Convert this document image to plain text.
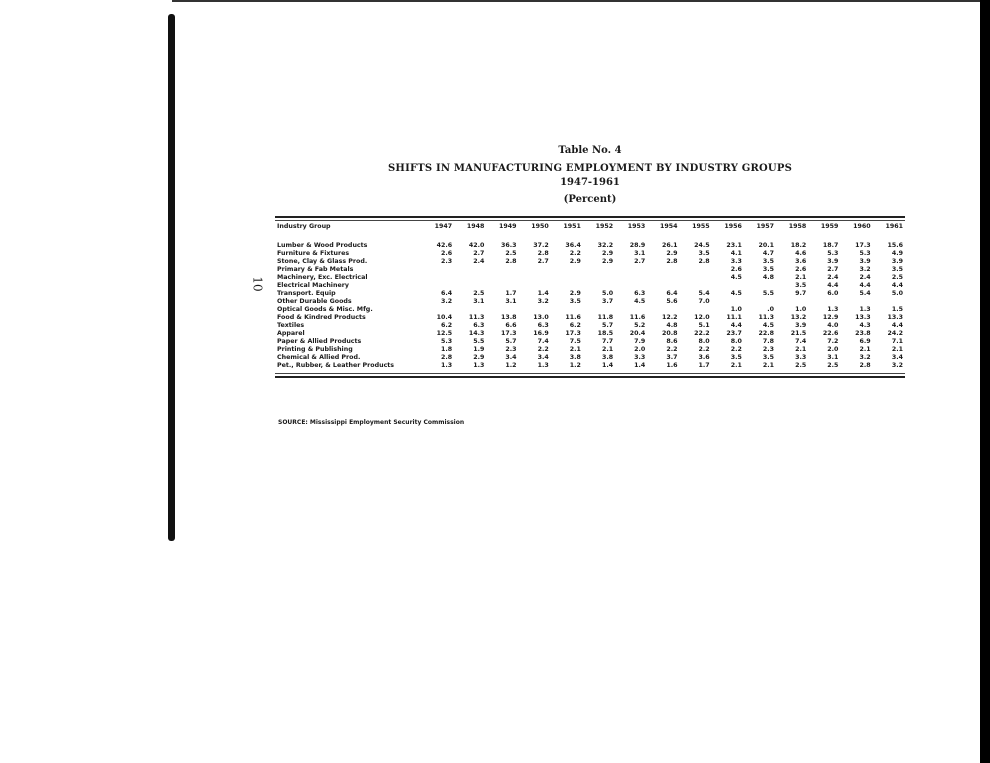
10
Table No. 4
SHIFTS IN MANUFACTURING EMPLOYMENT BY INDUSTRY GROUPS
1947-1961
(Percent)
Industry Group	1947	1948	1949	1950	1951	1952	1953	1954	1955	1956	1957	1958	1959	1960	1961

Lumber & Wood Products	42.6	42.0	36.3	37.2	36.4	32.2	28.9	26.1	24.5	23.1	20.1	18.2	18.7	17.3	15.6
Furniture & Fixtures	2.6	2.7	2.5	2.8	2.2	2.9	3.1	2.9	3.5	4.1	4.7	4.6	5.3	5.3	4.9
Stone, Clay & Glass Prod.	2.3	2.4	2.8	2.7	2.9	2.9	2.7	2.8	2.8	3.3	3.5	3.6	3.9	3.9	3.9
Primary & Fab Metals										2.6	3.5	2.6	2.7	3.2	3.5
Machinery, Exc. Electrical										4.5	4.8	2.1	2.4	2.4	2.5
Electrical Machinery												3.5	4.4	4.4	4.4
Transport. Equip	6.4	2.5	1.7	1.4	2.9	5.0	6.3	6.4	5.4	4.5	5.5	9.7	6.0	5.4	5.0
Other Durable Goods	3.2	3.1	3.1	3.2	3.5	3.7	4.5	5.6	7.0						
Optical Goods & Misc. Mfg.										1.0	.0	1.0	1.3	1.3	1.5
Food & Kindred Products	10.4	11.3	13.8	13.0	11.6	11.8	11.6	12.2	12.0	11.1	11.3	13.2	12.9	13.3	13.3
Textiles	6.2	6.3	6.6	6.3	6.2	5.7	5.2	4.8	5.1	4.4	4.5	3.9	4.0	4.3	4.4
Apparel	12.5	14.3	17.3	16.9	17.3	18.5	20.4	20.8	22.2	23.7	22.8	21.5	22.6	23.8	24.2
Paper & Allied Products	5.3	5.5	5.7	7.4	7.5	7.7	7.9	8.6	8.0	8.0	7.8	7.4	7.2	6.9	7.1
Printing & Publishing	1.8	1.9	2.3	2.2	2.1	2.1	2.0	2.2	2.2	2.2	2.3	2.1	2.0	2.1	2.1
Chemical & Allied Prod.	2.8	2.9	3.4	3.4	3.8	3.8	3.3	3.7	3.6	3.5	3.5	3.3	3.1	3.2	3.4
Pet., Rubber, & Leather Products	1.3	1.3	1.2	1.3	1.2	1.4	1.4	1.6	1.7	2.1	2.1	2.5	2.5	2.8	3.2
SOURCE: Mississippi Employment Security Commission
